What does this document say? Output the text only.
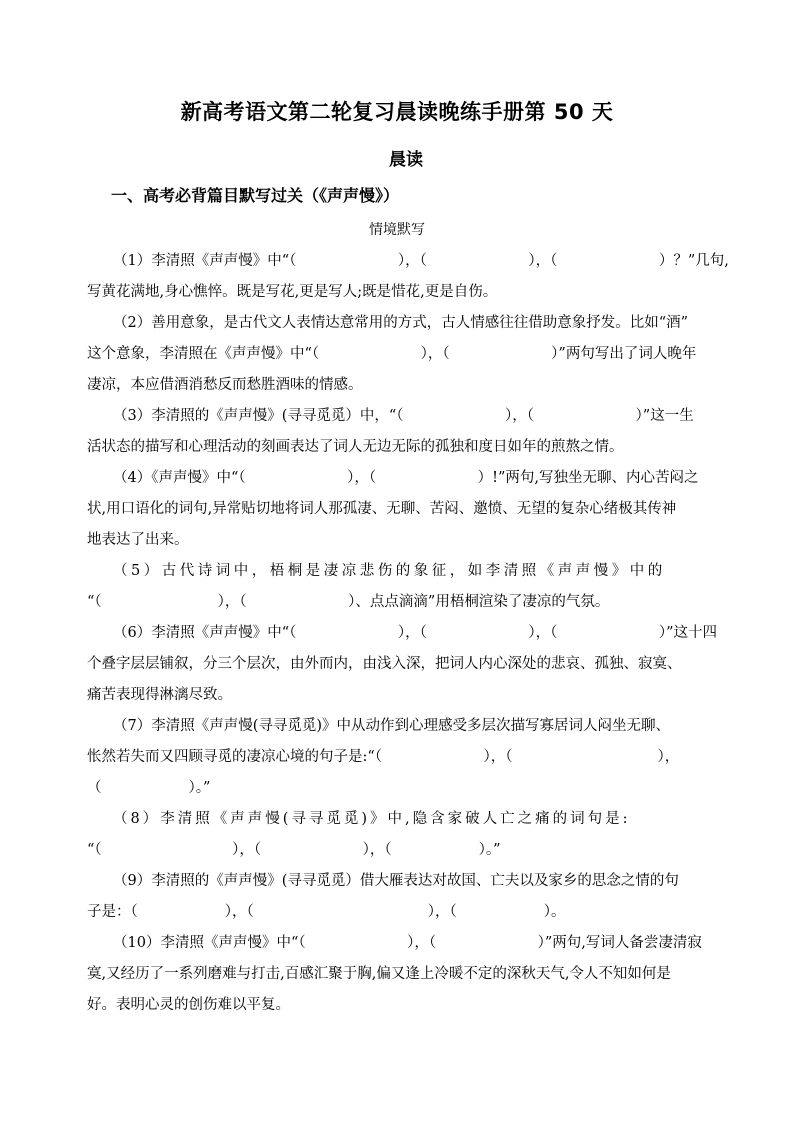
新高考语文第二轮复习晨读晚练手册第 50 天
晨读
一、高考必背篇目默写过关（《声声慢》）
情境默写
（1）李清照《声声慢》中“（　　　　　　　），（　　　　　　　），（　　　　　　　）？”几句,
写黄花满地,身心憔悴。既是写花,更是写人;既是惜花,更是自伤。
（2）善用意象，是古代文人表情达意常用的方式，古人情感往往借助意象抒发。比如“酒”
这个意象，李清照在《声声慢》中“（　　　　　　　），（　　　　　　　）”两句写出了词人晚年
凄凉，本应借酒消愁反而愁胜酒味的情感。
（3）李清照的《声声慢》(寻寻觅觅）中，“（　　　　　　　），（　　　　　　　）”这一生
活状态的描写和心理活动的刻画表达了词人无边无际的孤独和度日如年的煎熬之情。
（4）《声声慢》中“（　　　　　　　），（　　　　　　　）!”两句,写独坐无聊、内心苦闷之
状,用口语化的词句,异常贴切地将词人那孤凄、无聊、苦闷、邀愤、无望的复杂心绪极其传神
地表达了出来。
（5）古代诗词中，梧桐是凄凉悲伤的象征，如李清照《声声慢》中的
“（　　　　　　　　），（　　　　　　　）、点点滴滴”用梧桐渲染了凄凉的气氛。
（6）李清照《声声慢》中“（　　　　　　　），（　　　　　　　），（　　　　　　　）”这十四
个叠字层层铺叙，分三个层次，由外而内，由浅入深，把词人内心深处的悲哀、孤独、寂寞、
痛苦表现得淋漓尽致。
（7）李清照《声声慢(寻寻觅觅)》中从动作到心理感受多层次描写寡居词人闷坐无聊、
怅然若失而又四顾寻觅的凄凉心境的句子是:“（　　　　　　　），（　　　　　　　　　　），
（　　　　　　）。”
（8）李清照《声声慢(寻寻觅觅)》中,隐含家破人亡之痛的词句是:
“（　　　　　　　　　），（　　　　　　　），（　　　　　　）。”
（9）李清照的《声声慢》(寻寻觅觅）借大雁表达对故国、亡夫以及家乡的思念之情的句
子是：（　　　　　　），（　　　　　　　　　　　　），（　　　　　　）。
（10）李清照《声声慢》中“（　　　　　　　），（　　　　　　　）”两句,写词人备尝凄清寂
寞,又经历了一系列磨难与打击,百感汇聚于胸,偏又逢上冷暖不定的深秋天气,令人不知如何是
好。表明心灵的创伤难以平复。
